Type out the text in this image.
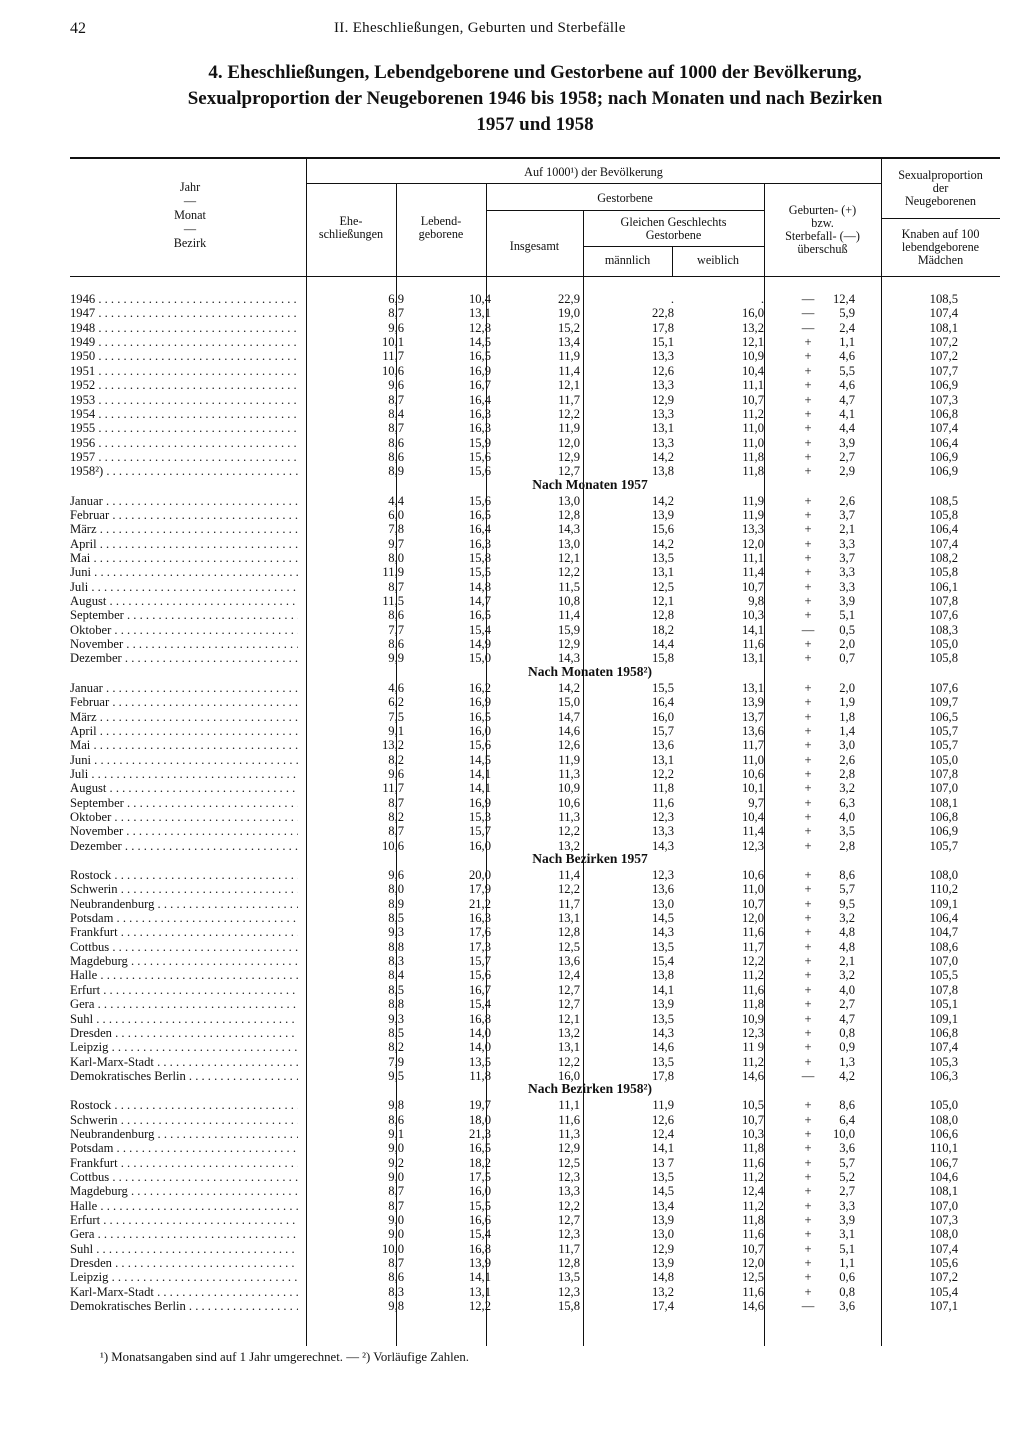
42	II. Eheschließungen, Geburten und Sterbefälle
4. Eheschließungen, Lebendgeborene und Gestorbene auf 1000 der Bevölkerung,
Sexualproportion der Neugeborenen 1946 bis 1958; nach Monaten und nach Bezirken
1957 und 1958
Jahr
—
Monat
—
Bezirk
Auf 1000¹) der Bevölkerung
Ehe-
schließungen
Lebend-
geborene
Gestorbene
Insgesamt
Gleichen Geschlechts
Gestorbene
männlich	weiblich
Geburten- (+)
bzw.
Sterbefall- (—)
überschuß
Sexualproportion
der
Neugeborenen
Knaben auf 100
lebendgeborene
Mädchen
1946 . . .	6,9	10,4	22,9	.	.	— 12,4	108,5
1947 . . .	8,7	13,1	19,0	22,8	16,0	— 5,9	107,4
1948 . . .	9,6	12,8	15,2	17,8	13,2	— 2,4	108,1
1949 . . .	10,1	14,5	13,4	15,1	12,1	+	1,1	107,2
1950 . . .	11,7	16,5	11,9	13,3	10,9	+	4,6	107,2
1951 . . .	10,6	16,9	11,4	12,6	10,4	+	5,5	107,7
1952 . . .	9,6	16,7	12,1	13,3	11,1	+	4,6	106,9
1953 . . .	8,7	16,4	11,7	12,9	10,7	+	4,7	107,3
1954 . . .	8,4	16,3	12,2	13,3	11,2	+	4,1	106,8
1955 . . .	8,7	16,3	11,9	13,1	11,0	+	4,4	107,4
1956 . . .	8,6	15,9	12,0	13,3	11,0	+	3,9	106,4
1957 . . .	8,6	15,6	12,9	14,2	11,8	+	2,7	106,9
1958²) . . .	8,9	15,6	12,7	13,8	11,8	+	2,9	106,9
Nach Monaten 1957
Januar . . .	4,4	15,6	13,0	14,2	11,9	+	2,6	108,5
Februar . . .	6,0	16,5	12,8	13,9	11,9	+	3,7	105,8
März . . .	7,8	16,4	14,3	15,6	13,3	+	2,1	106,4
April . . .	9,7	16,3	13,0	14,2	12,0	+	3,3	107,4
Mai . . .	8,0	15,8	12,1	13,5	11,1	+	3,7	108,2
Juni . . .	11,9	15,5	12,2	13,1	11,4	+	3,3	105,8
Juli . . .	8,7	14,8	11,5	12,5	10,7	+	3,3	106,1
August . . .	11,5	14,7	10,8	12,1	9,8	+	3,9	107,8
September . . .	8,6	16,5	11,4	12,8	10,3	+	5,1	107,6
Oktober . . .	7,7	15,4	15,9	18,2	14,1	— 0,5	108,3
November . . .	8,6	14,9	12,9	14,4	11,6	+	2,0	105,0
Dezember . . .	9,9	15,0	14,3	15,8	13,1	+	0,7	105,8
Nach Monaten 1958²)
Januar . . .	4,6	16,2	14,2	15,5	13,1	+	2,0	107,6
Februar . . .	6,2	16,9	15,0	16,4	13,9	+	1,9	109,7
März . . .	7,5	16,5	14,7	16,0	13,7	+	1,8	106,5
April . . .	9,1	16,0	14,6	15,7	13,6	+	1,4	105,7
Mai . . .	13,2	15,6	12,6	13,6	11,7	+	3,0	105,7
Juni . . .	8,2	14,5	11,9	13,1	11,0	+	2,6	105,0
Juli . . .	9,6	14,1	11,3	12,2	10,6	+	2,8	107,8
August . . .	11,7	14,1	10,9	11,8	10,1	+	3,2	107,0
September . . .	8,7	16,9	10,6	11,6	9,7	+	6,3	108,1
Oktober . . .	8,2	15,3	11,3	12,3	10,4	+	4,0	106,8
November . . .	8,7	15,7	12,2	13,3	11,4	+	3,5	106,9
Dezember . . .	10,6	16,0	13,2	14,3	12,3	+	2,8	105,7
Nach Bezirken 1957
Rostock . . .	9,6	20,0	11,4	12,3	10,6	+	8,6	108,0
Schwerin . . .	8,0	17,9	12,2	13,6	11,0	+	5,7	110,2
Neubrandenburg . . .	8,9	21,2	11,7	13,0	10,7	+	9,5	109,1
Potsdam . . .	8,5	16,3	13,1	14,5	12,0	+	3,2	106,4
Frankfurt . . .	9,3	17,6	12,8	14,3	11,6	+	4,8	104,7
Cottbus . . .	8,8	17,3	12,5	13,5	11,7	+	4,8	108,6
Magdeburg . . .	8,3	15,7	13,6	15,4	12,2	+	2,1	107,0
Halle . . .	8,4	15,6	12,4	13,8	11,2	+	3,2	105,5
Erfurt . . .	8,5	16,7	12,7	14,1	11,6	+	4,0	107,8
Gera . . .	8,8	15,4	12,7	13,9	11,8	+	2,7	105,1
Suhl . . .	9,3	16,8	12,1	13,5	10,9	+	4,7	109,1
Dresden . . .	8,5	14,0	13,2	14,3	12,3	+	0,8	106,8
Leipzig . . .	8,2	14,0	13,1	14,6	11 9	+	0,9	107,4
Karl-Marx-Stadt . . .	7,9	13,5	12,2	13,5	11,2	+	1,3	105,3
Demokratisches Berlin . . .	9,5	11,8	16,0	17,8	14,6	— 4,2	106,3
Nach Bezirken 1958²)
Rostock . . .	9,8	19,7	11,1	11,9	10,5	+	8,6	105,0
Schwerin . . .	8,6	18,0	11,6	12,6	10,7	+	6,4	108,0
Neubrandenburg . . .	9,1	21,3	11,3	12,4	10,3	+	10,0	106,6
Potsdam . . .	9,0	16,5	12,9	14,1	11,8	+	3,6	110,1
Frankfurt . . .	9,2	18,2	12,5	13 7	11,6	+	5,7	106,7
Cottbus . . .	9,0	17,5	12,3	13,5	11,2	+	5,2	104,6
Magdeburg . . .	8,7	16,0	13,3	14,5	12,4	+	2,7	108,1
Halle . . .	8,7	15,5	12,2	13,4	11,2	+	3,3	107,0
Erfurt . . .	9,0	16,6	12,7	13,9	11,8	+	3,9	107,3
Gera . . .	9,0	15,4	12,3	13,0	11,6	+	3,1	108,0
Suhl . . .	10,0	16,8	11,7	12,9	10,7	+	5,1	107,4
Dresden . . .	8,7	13,9	12,8	13,9	12,0	+	1,1	105,6
Leipzig . . .	8,6	14,1	13,5	14,8	12,5	+	0,6	107,2
Karl-Marx-Stadt . . .	8,3	13,1	12,3	13,2	11,6	+	0,8	105,4
Demokratisches Berlin . . .	9,8	12,2	15,8	17,4	14,6	— 3,6	107,1
¹) Monatsangaben sind auf 1 Jahr umgerechnet. — ²) Vorläufige Zahlen.
